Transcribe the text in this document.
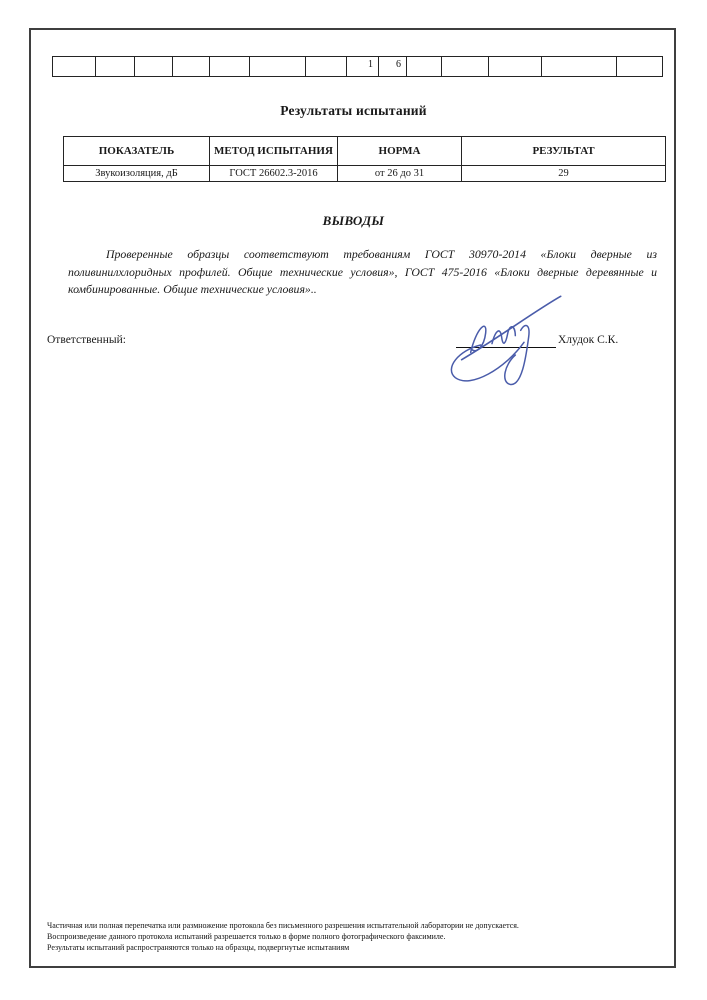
1	6
Результаты испытаний
ПОКАЗАТЕЛЬ	МЕТОД ИСПЫТАНИЯ	НОРМА	РЕЗУЛЬТАТ
Звукоизоляция, дБ	ГОСТ 26602.3-2016	от 26 до 31	29
ВЫВОДЫ

Проверенные образцы соответствуют требованиям ГОСТ 30970-2014 «Блоки дверные из поливинилхлоридных профилей. Общие технические условия», ГОСТ 475-2016 «Блоки дверные деревянные и комбинированные. Общие технические условия»..

Ответственный:	Хлудок С.К.
Частичная или полная перепечатка или размножение протокола без письменного разрешения испытательной лаборатории не допускается.
Воспроизведение данного протокола испытаний разрешается только в форме полного фотографического факсимиле.
Результаты испытаний распространяются только на образцы, подвергнутые испытаниям
